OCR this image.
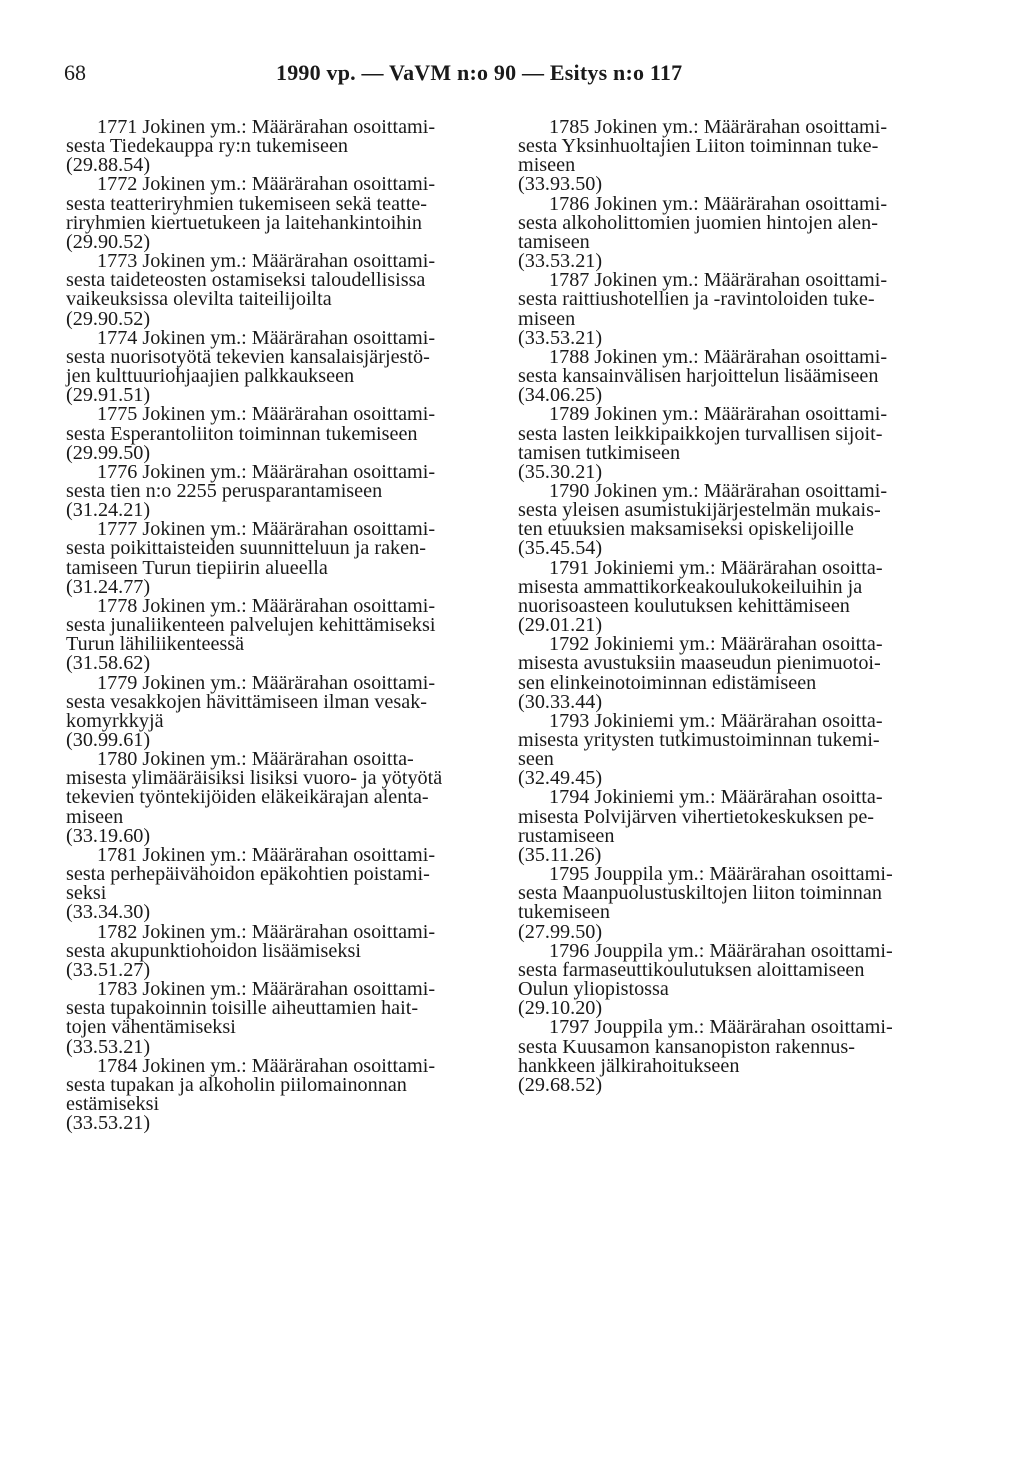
68	1990 vp. — VaVM n:o 90 — Esitys n:o 117
1771 Jokinen ym.: Määrärahan osoittami-
sesta Tiedekauppa ry:n tukemiseen
(29.88.54)
1772 Jokinen ym.: Määrärahan osoittami-
sesta teatteriryhmien tukemiseen sekä teatte-
riryhmien kiertuetukeen ja laitehankintoihin
(29.90.52)
1773 Jokinen ym.: Määrärahan osoittami-
sesta taideteosten ostamiseksi taloudellisissa
vaikeuksissa olevilta taiteilijoilta
(29.90.52)
1774 Jokinen ym.: Määrärahan osoittami-
sesta nuorisotyötä tekevien kansalaisjärjestö-
jen kulttuuriohjaajien palkkaukseen
(29.91.51)
1775 Jokinen ym.: Määrärahan osoittami-
sesta Esperantoliiton toiminnan tukemiseen
(29.99.50)
1776 Jokinen ym.: Määrärahan osoittami-
sesta tien n:o 2255 perusparantamiseen
(31.24.21)
1777 Jokinen ym.: Määrärahan osoittami-
sesta poikittaisteiden suunnitteluun ja raken-
tamiseen Turun tiepiirin alueella
(31.24.77)
1778 Jokinen ym.: Määrärahan osoittami-
sesta junaliikenteen palvelujen kehittämiseksi
Turun lähiliikenteessä
(31.58.62)
1779 Jokinen ym.: Määrärahan osoittami-
sesta vesakkojen hävittämiseen ilman vesak-
komyrkkyjä
(30.99.61)
1780 Jokinen ym.: Määrärahan osoitta-
misesta ylimääräisiksi lisiksi vuoro- ja yötyötä
tekevien työntekijöiden eläkeikärajan alenta-
miseen
(33.19.60)
1781 Jokinen ym.: Määrärahan osoittami-
sesta perhepäivähoidon epäkohtien poistami-
seksi
(33.34.30)
1782 Jokinen ym.: Määrärahan osoittami-
sesta akupunktiohoidon lisäämiseksi
(33.51.27)
1783 Jokinen ym.: Määrärahan osoittami-
sesta tupakoinnin toisille aiheuttamien hait-
tojen vähentämiseksi
(33.53.21)
1784 Jokinen ym.: Määrärahan osoittami-
sesta tupakan ja alkoholin piilomainonnan
estämiseksi
(33.53.21)
1785 Jokinen ym.: Määrärahan osoittami-
sesta Yksinhuoltajien Liiton toiminnan tuke-
miseen
(33.93.50)
1786 Jokinen ym.: Määrärahan osoittami-
sesta alkoholittomien juomien hintojen alen-
tamiseen
(33.53.21)
1787 Jokinen ym.: Määrärahan osoittami-
sesta raittiushotellien ja -ravintoloiden tuke-
miseen
(33.53.21)
1788 Jokinen ym.: Määrärahan osoittami-
sesta kansainvälisen harjoittelun lisäämiseen
(34.06.25)
1789 Jokinen ym.: Määrärahan osoittami-
sesta lasten leikkipaikkojen turvallisen sijoit-
tamisen tutkimiseen
(35.30.21)
1790 Jokinen ym.: Määrärahan osoittami-
sesta yleisen asumistukijärjestelmän mukais-
ten etuuksien maksamiseksi opiskelijoille
(35.45.54)
1791 Jokiniemi ym.: Määrärahan osoitta-
misesta ammattikorkeakoulukokeiluihin ja
nuorisoasteen koulutuksen kehittämiseen
(29.01.21)
1792 Jokiniemi ym.: Määrärahan osoitta-
misesta avustuksiin maaseudun pienimuotoi-
sen elinkeinotoiminnan edistämiseen
(30.33.44)
1793 Jokiniemi ym.: Määrärahan osoitta-
misesta yritysten tutkimustoiminnan tukemi-
seen
(32.49.45)
1794 Jokiniemi ym.: Määrärahan osoitta-
misesta Polvijärven vihertietokeskuksen pe-
rustamiseen
(35.11.26)
1795 Jouppila ym.: Määrärahan osoittami-
sesta Maanpuolustuskiltojen liiton toiminnan
tukemiseen
(27.99.50)
1796 Jouppila ym.: Määrärahan osoittami-
sesta farmaseuttikoulutuksen aloittamiseen
Oulun yliopistossa
(29.10.20)
1797 Jouppila ym.: Määrärahan osoittami-
sesta Kuusamon kansanopiston rakennus-
hankkeen jälkirahoitukseen
(29.68.52)
